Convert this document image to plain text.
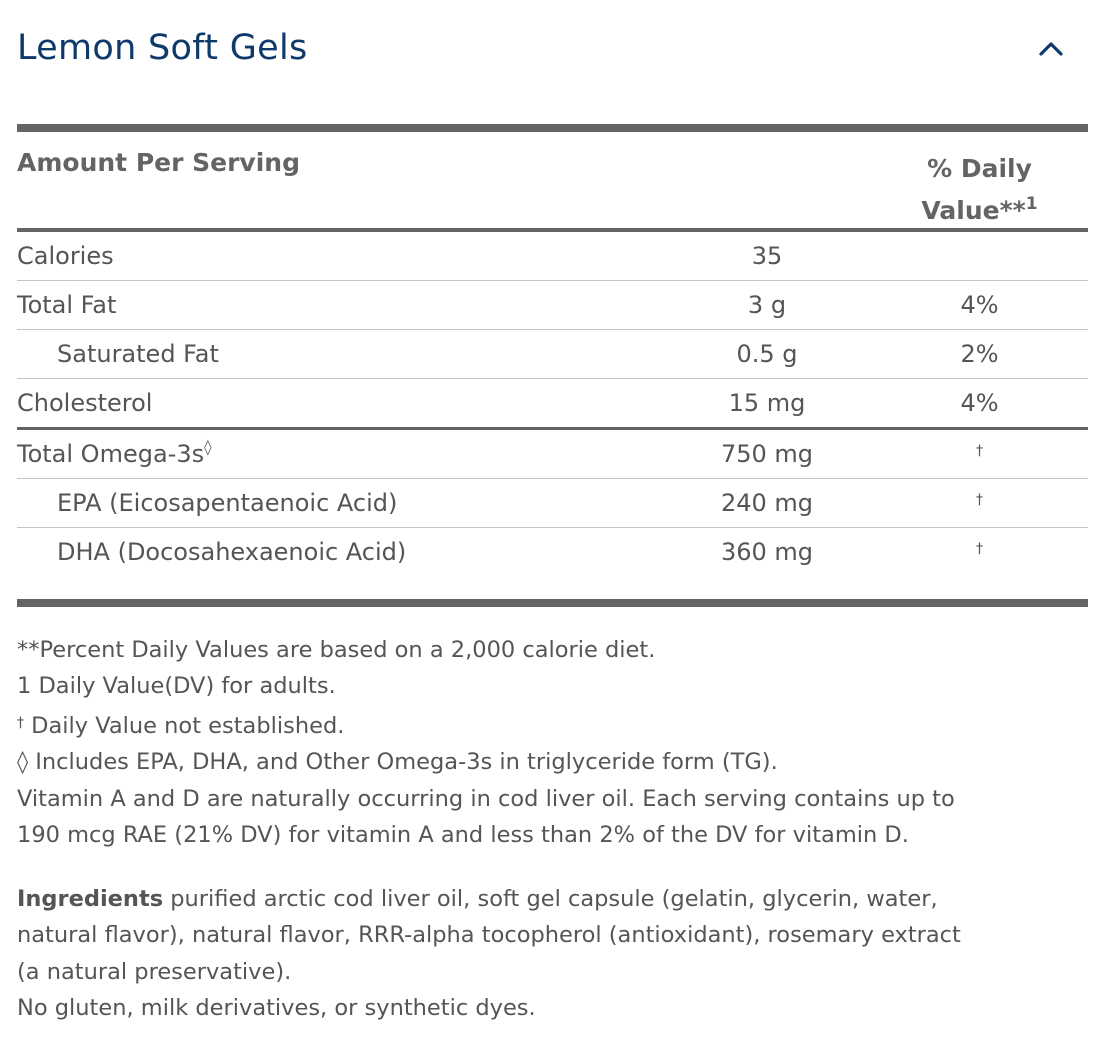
Lemon Soft Gels
Amount Per Serving	% Daily
Value**$^1$
Calories	35
Total Fat	3 g	4%
Saturated Fat	0.5 g	2%
Cholesterol	15 mg	4%
Total Omega-3s◊	750 mg	†
EPA (Eicosapentaenoic Acid)	240 mg	†
DHA (Docosahexaenoic Acid)	360 mg	†
**Percent Daily Values are based on a 2,000 calorie diet.
1 Daily Value(DV) for adults.
† Daily Value not established.
◊ Includes EPA, DHA, and Other Omega-3s in triglyceride form (TG).
Vitamin A and D are naturally occurring in cod liver oil. Each serving contains up to
190 mcg RAE (21% DV) for vitamin A and less than 2% of the DV for vitamin D.
Ingredients purified arctic cod liver oil, soft gel capsule (gelatin, glycerin, water,
natural flavor), natural flavor, RRR-alpha tocopherol (antioxidant), rosemary extract
(a natural preservative).
No gluten, milk derivatives, or synthetic dyes.
